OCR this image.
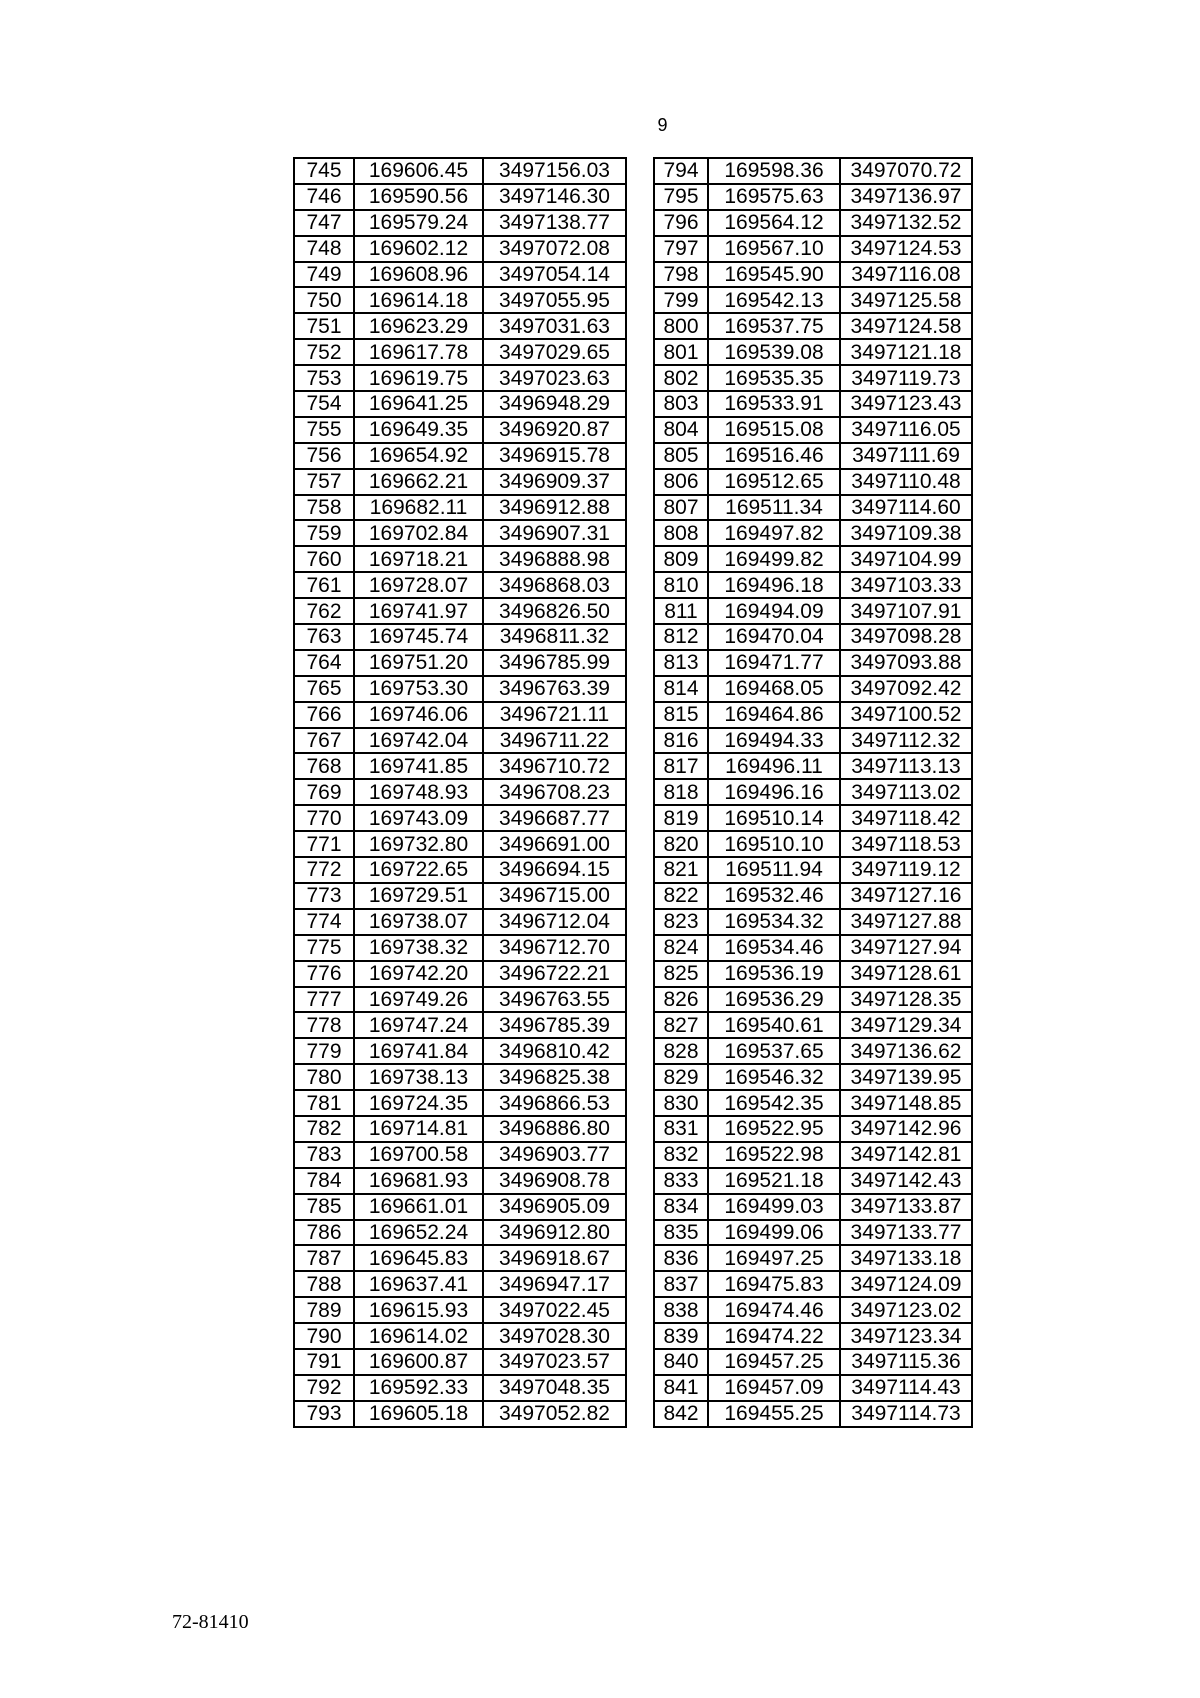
9
745	169606.45	3497156.03
746	169590.56	3497146.30
747	169579.24	3497138.77
748	169602.12	3497072.08
749	169608.96	3497054.14
750	169614.18	3497055.95
751	169623.29	3497031.63
752	169617.78	3497029.65
753	169619.75	3497023.63
754	169641.25	3496948.29
755	169649.35	3496920.87
756	169654.92	3496915.78
757	169662.21	3496909.37
758	169682.11	3496912.88
759	169702.84	3496907.31
760	169718.21	3496888.98
761	169728.07	3496868.03
762	169741.97	3496826.50
763	169745.74	3496811.32
764	169751.20	3496785.99
765	169753.30	3496763.39
766	169746.06	3496721.11
767	169742.04	3496711.22
768	169741.85	3496710.72
769	169748.93	3496708.23
770	169743.09	3496687.77
771	169732.80	3496691.00
772	169722.65	3496694.15
773	169729.51	3496715.00
774	169738.07	3496712.04
775	169738.32	3496712.70
776	169742.20	3496722.21
777	169749.26	3496763.55
778	169747.24	3496785.39
779	169741.84	3496810.42
780	169738.13	3496825.38
781	169724.35	3496866.53
782	169714.81	3496886.80
783	169700.58	3496903.77
784	169681.93	3496908.78
785	169661.01	3496905.09
786	169652.24	3496912.80
787	169645.83	3496918.67
788	169637.41	3496947.17
789	169615.93	3497022.45
790	169614.02	3497028.30
791	169600.87	3497023.57
792	169592.33	3497048.35
793	169605.18	3497052.82
794	169598.36	3497070.72
795	169575.63	3497136.97
796	169564.12	3497132.52
797	169567.10	3497124.53
798	169545.90	3497116.08
799	169542.13	3497125.58
800	169537.75	3497124.58
801	169539.08	3497121.18
802	169535.35	3497119.73
803	169533.91	3497123.43
804	169515.08	3497116.05
805	169516.46	3497111.69
806	169512.65	3497110.48
807	169511.34	3497114.60
808	169497.82	3497109.38
809	169499.82	3497104.99
810	169496.18	3497103.33
811	169494.09	3497107.91
812	169470.04	3497098.28
813	169471.77	3497093.88
814	169468.05	3497092.42
815	169464.86	3497100.52
816	169494.33	3497112.32
817	169496.11	3497113.13
818	169496.16	3497113.02
819	169510.14	3497118.42
820	169510.10	3497118.53
821	169511.94	3497119.12
822	169532.46	3497127.16
823	169534.32	3497127.88
824	169534.46	3497127.94
825	169536.19	3497128.61
826	169536.29	3497128.35
827	169540.61	3497129.34
828	169537.65	3497136.62
829	169546.32	3497139.95
830	169542.35	3497148.85
831	169522.95	3497142.96
832	169522.98	3497142.81
833	169521.18	3497142.43
834	169499.03	3497133.87
835	169499.06	3497133.77
836	169497.25	3497133.18
837	169475.83	3497124.09
838	169474.46	3497123.02
839	169474.22	3497123.34
840	169457.25	3497115.36
841	169457.09	3497114.43
842	169455.25	3497114.73
72-81410
